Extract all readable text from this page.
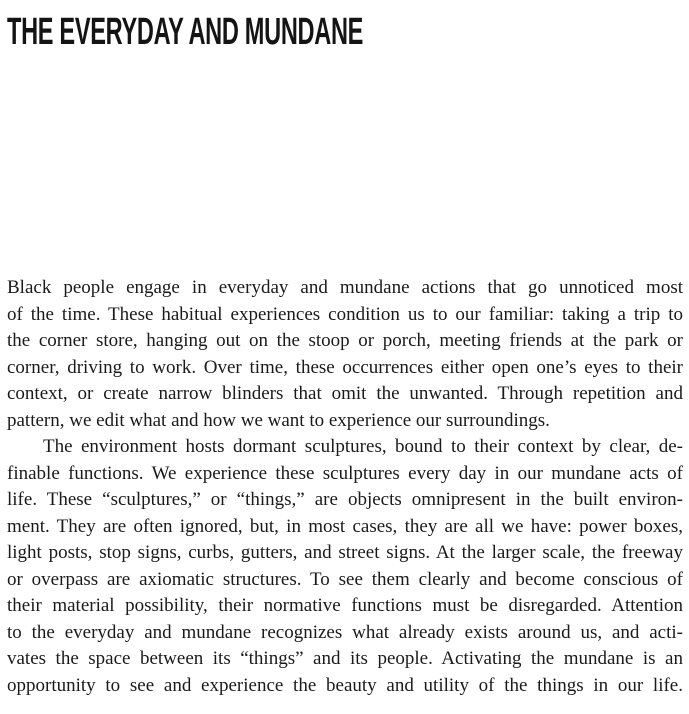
THE EVERYDAY AND MUNDANE

Black people engage in everyday and mundane actions that go unnoticed most
of the time. These habitual experiences condition us to our familiar: taking a trip to
the corner store, hanging out on the stoop or porch, meeting friends at the park or
corner, driving to work. Over time, these occurrences either open one’s eyes to their
context, or create narrow blinders that omit the unwanted. Through repetition and
pattern, we edit what and how we want to experience our surroundings.

The environment hosts dormant sculptures, bound to their context by clear, de-
finable functions. We experience these sculptures every day in our mundane acts of
life. These “sculptures,” or “things,” are objects omnipresent in the built environ-
ment. They are often ignored, but, in most cases, they are all we have: power boxes,
light posts, stop signs, curbs, gutters, and street signs. At the larger scale, the freeway
or overpass are axiomatic structures. To see them clearly and become conscious of
their material possibility, their normative functions must be disregarded. Attention
to the everyday and mundane recognizes what already exists around us, and acti-
vates the space between its “things” and its people. Activating the mundane is an
opportunity to see and experience the beauty and utility of the things in our life.
